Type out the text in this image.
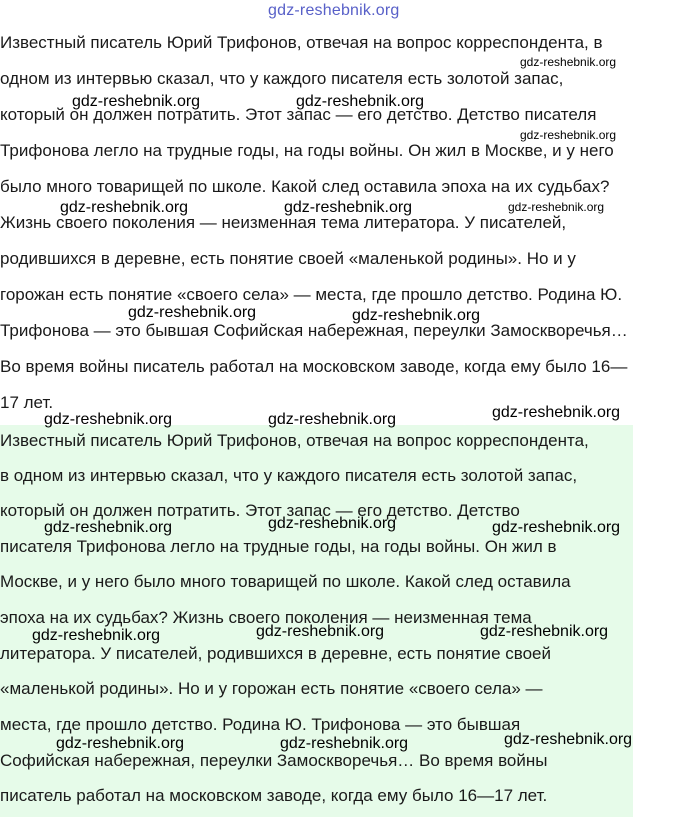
gdz-reshebnik.org
Известный писатель Юрий Трифонов, отвечая на вопрос корреспондента, в
одном из интервью сказал, что у каждого писателя есть золотой запас,
который он должен потратить. Этот запас — его детство. Детство писателя
Трифонова легло на трудные годы, на годы войны. Он жил в Москве, и у него
было много товарищей по школе. Какой след оставила эпоха на их судьбах?
Жизнь своего поколения — неизменная тема литератора. У писателей,
родившихся в деревне, есть понятие своей «маленькой родины». Но и у
горожан есть понятие «своего села» — места, где прошло детство. Родина Ю.
Трифонова — это бывшая Софийская набережная, переулки Замоскворечья…
Во время войны писатель работал на московском заводе, когда ему было 16—
17 лет.
Известный писатель Юрий Трифонов, отвечая на вопрос корреспондента,
в одном из интервью сказал, что у каждого писателя есть золотой запас,
который он должен потратить. Этот запас — его детство. Детство
писателя Трифонова легло на трудные годы, на годы войны. Он жил в
Москве, и у него было много товарищей по школе. Какой след оставила
эпоха на их судьбах? Жизнь своего поколения — неизменная тема
литератора. У писателей, родившихся в деревне, есть понятие своей
«маленькой родины». Но и у горожан есть понятие «своего села» —
места, где прошло детство. Родина Ю. Трифонова — это бывшая
Софийская набережная, переулки Замоскворечья… Во время войны
писатель работал на московском заводе, когда ему было 16—17 лет.
gdz-reshebnik.org
gdz-reshebnik.org	gdz-reshebnik.org
gdz-reshebnik.org
gdz-reshebnik.org	gdz-reshebnik.org	gdz-reshebnik.org
gdz-reshebnik.org	gdz-reshebnik.org
gdz-reshebnik.org	gdz-reshebnik.org	gdz-reshebnik.org
gdz-reshebnik.org	gdz-reshebnik.org	gdz-reshebnik.org
gdz-reshebnik.org	gdz-reshebnik.org	gdz-reshebnik.org
gdz-reshebnik.org	gdz-reshebnik.org	gdz-reshebnik.org
